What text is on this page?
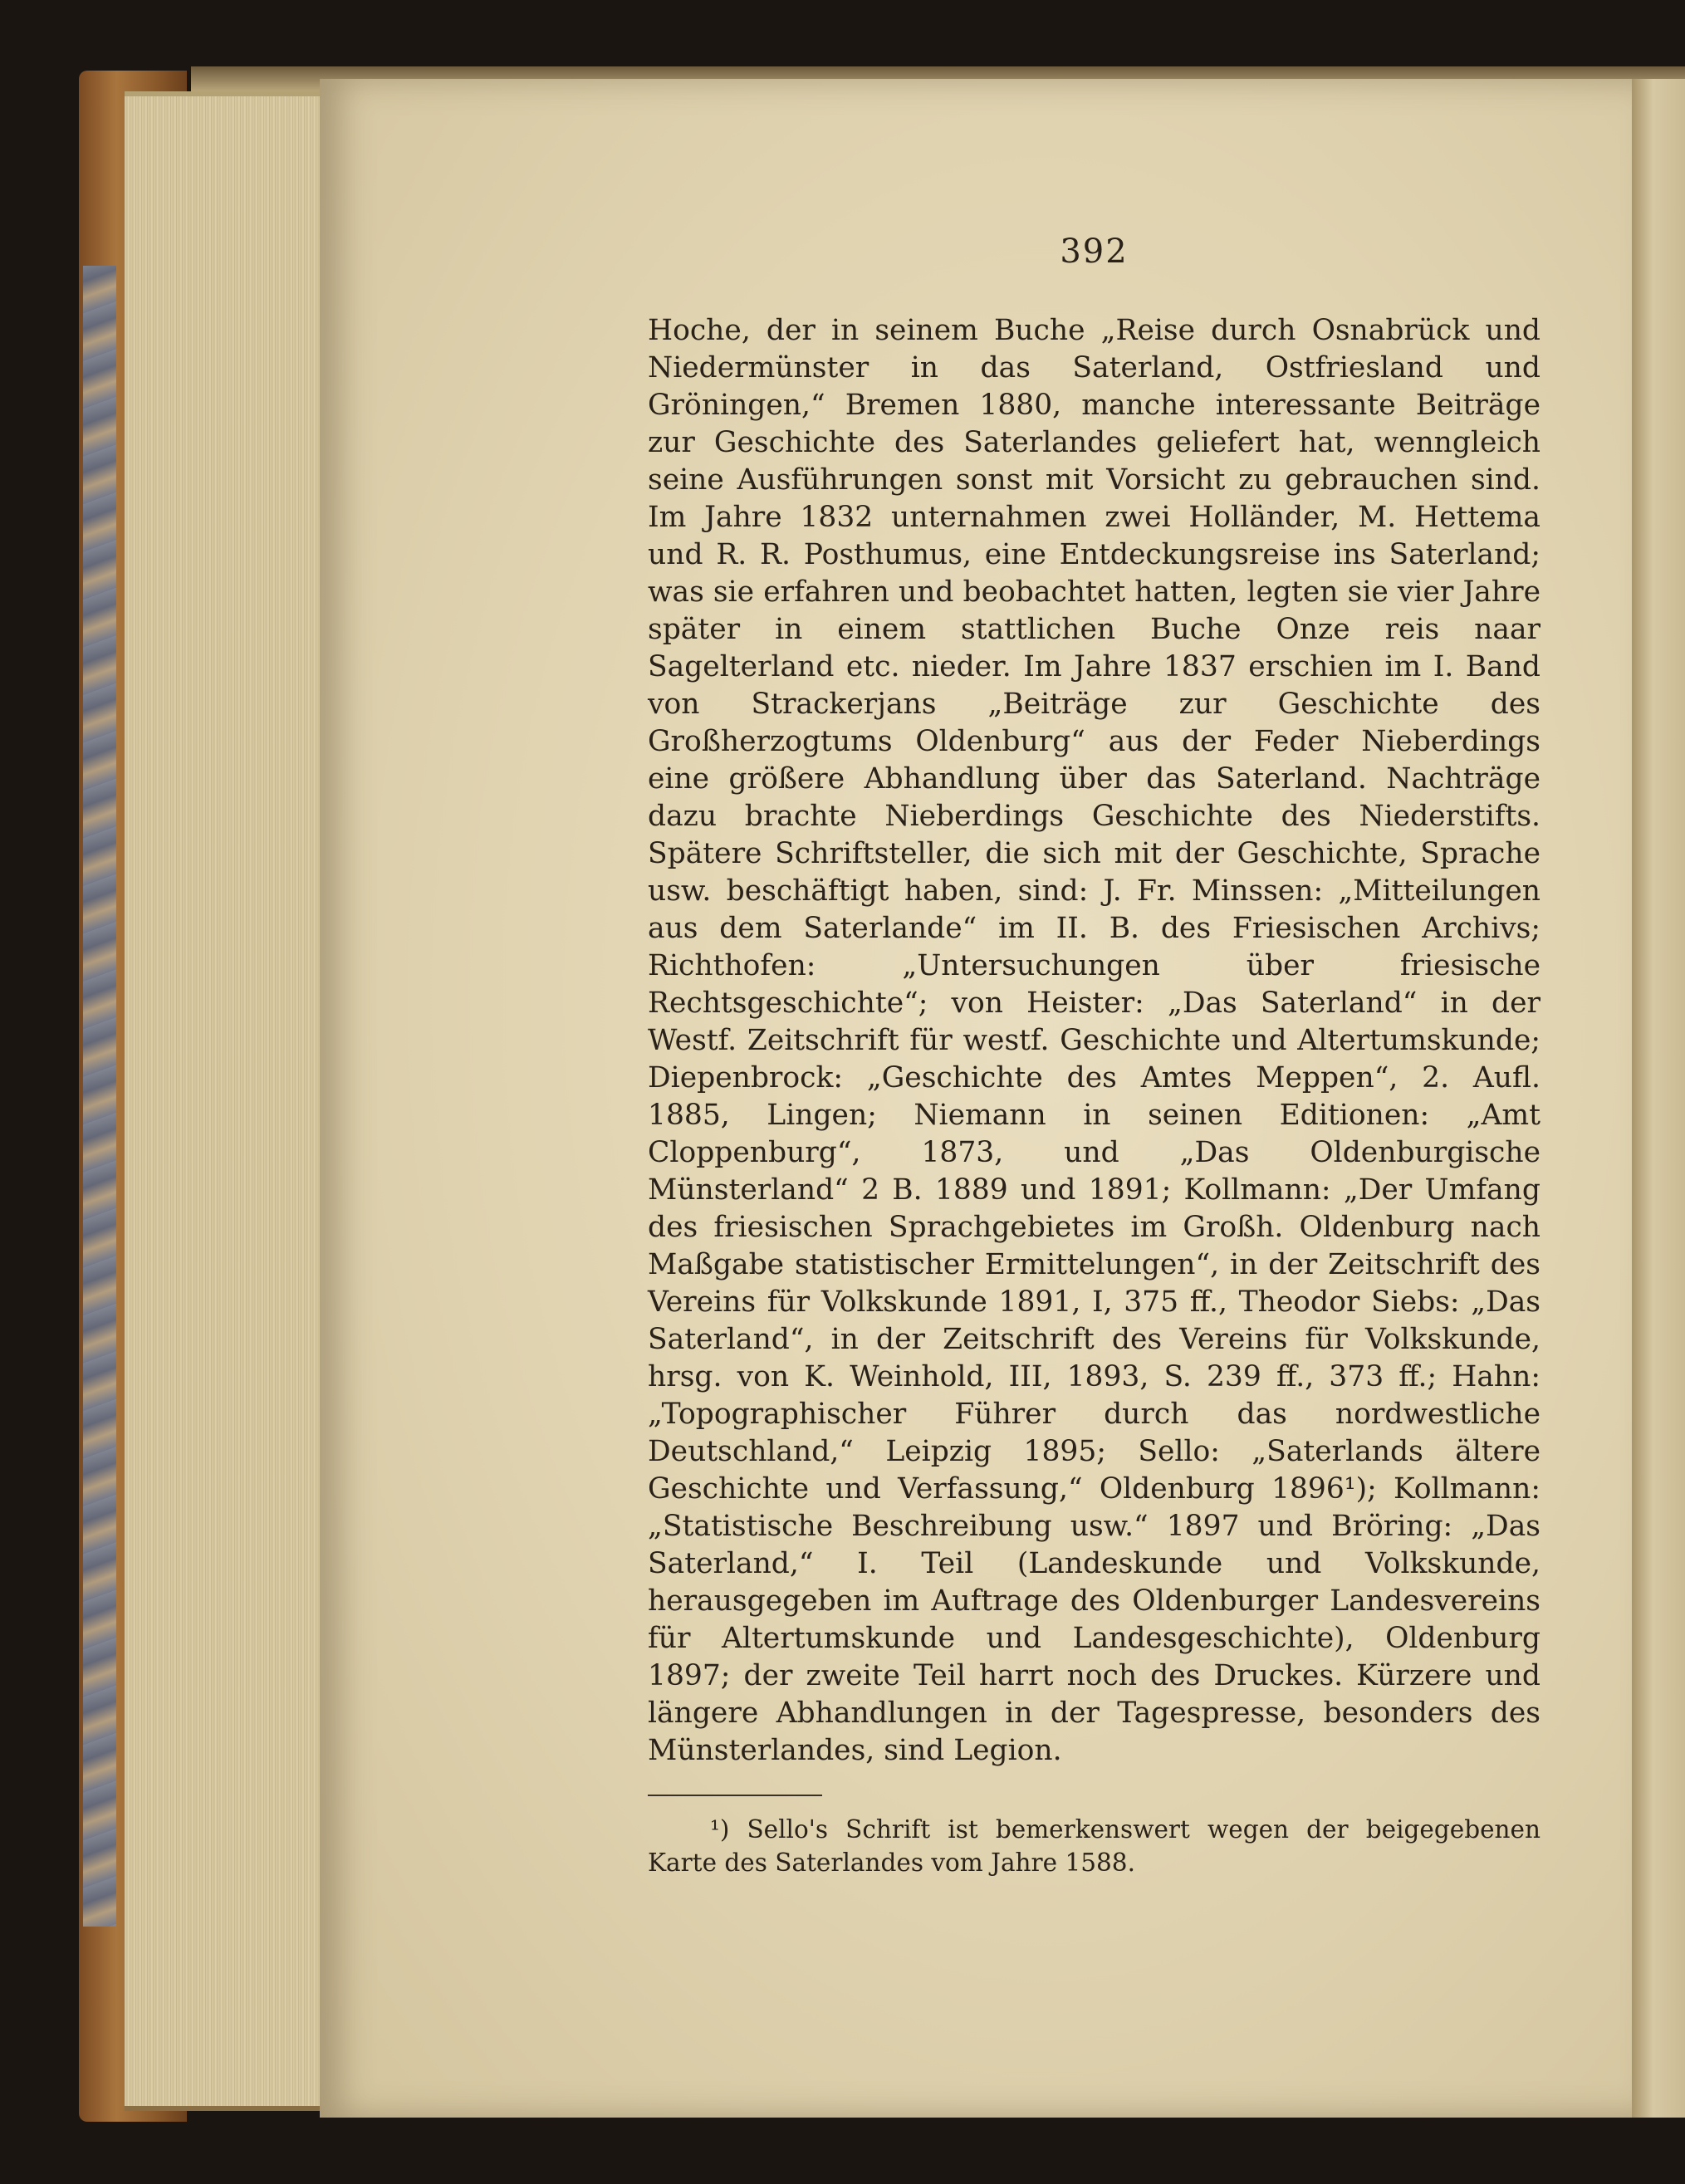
392

Hoche, der in seinem Buche „Reise durch Osnabrück und Niedermünster in das Saterland, Ostfriesland und Gröningen,“ Bremen 1880, manche interessante Beiträge zur Geschichte des Saterlandes geliefert hat, wenngleich seine Ausführungen sonst mit Vorsicht zu gebrauchen sind. Im Jahre 1832 unternahmen zwei Holländer, M. Hettema und R. R. Posthumus, eine Entdeckungsreise ins Saterland; was sie erfahren und beobachtet hatten, legten sie vier Jahre später in einem stattlichen Buche Onze reis naar Sagelterland etc. nieder. Im Jahre 1837 erschien im I. Band von Strackerjans „Beiträge zur Geschichte des Großherzogtums Oldenburg“ aus der Feder Nieberdings eine größere Abhandlung über das Saterland. Nachträge dazu brachte Nieberdings Geschichte des Niederstifts. Spätere Schriftsteller, die sich mit der Geschichte, Sprache usw. beschäftigt haben, sind: J. Fr. Minssen: „Mitteilungen aus dem Saterlande“ im II. B. des Friesischen Archivs; Richthofen: „Untersuchungen über friesische Rechtsgeschichte“; von Heister: „Das Saterland“ in der Westf. Zeitschrift für westf. Geschichte und Altertumskunde; Diepenbrock: „Geschichte des Amtes Meppen“, 2. Aufl. 1885, Lingen; Niemann in seinen Editionen: „Amt Cloppenburg“, 1873, und „Das Oldenburgische Münsterland“ 2 B. 1889 und 1891; Kollmann: „Der Umfang des friesischen Sprachgebietes im Großh. Oldenburg nach Maßgabe statistischer Ermittelungen“, in der Zeitschrift des Vereins für Volkskunde 1891, I, 375 ff., Theodor Siebs: „Das Saterland“, in der Zeitschrift des Vereins für Volkskunde, hrsg. von K. Weinhold, III, 1893, S. 239 ff., 373 ff.; Hahn: „Topographischer Führer durch das nordwestliche Deutschland,“ Leipzig 1895; Sello: „Saterlands ältere Geschichte und Verfassung,“ Oldenburg 1896¹); Kollmann: „Statistische Beschreibung usw.“ 1897 und Bröring: „Das Saterland,“ I. Teil (Landeskunde und Volkskunde, herausgegeben im Auftrage des Oldenburger Landesvereins für Altertumskunde und Landesgeschichte), Oldenburg 1897; der zweite Teil harrt noch des Druckes. Kürzere und längere Abhandlungen in der Tagespresse, besonders des Münsterlandes, sind Legion.

¹) Sello's Schrift ist bemerkenswert wegen der beigegebenen Karte des Saterlandes vom Jahre 1588.
